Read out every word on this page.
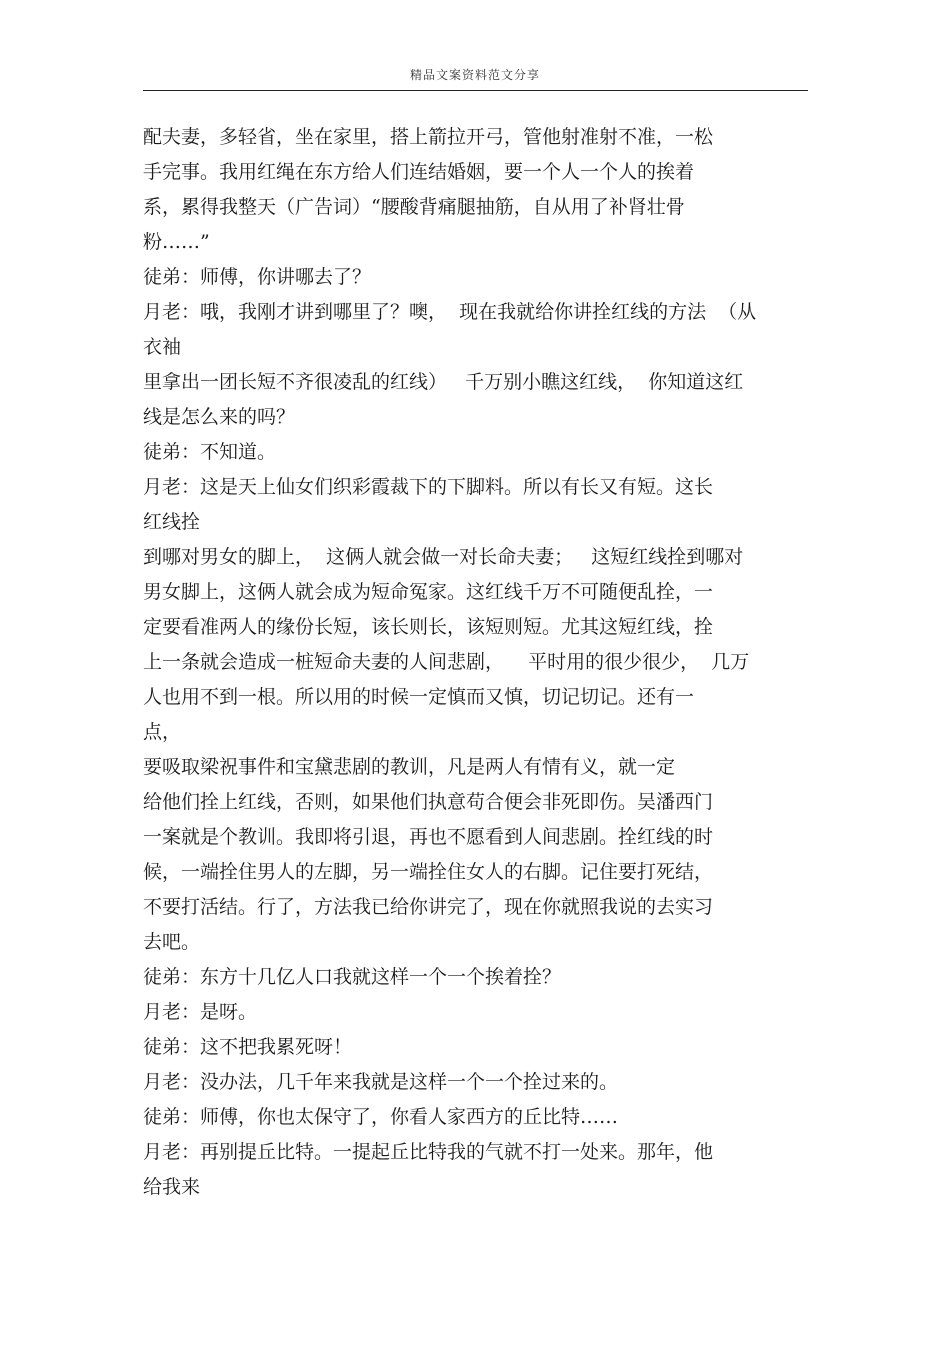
精品文案资料范文分享
配夫妻，多轻省，坐在家里，搭上箭拉开弓，管他射准射不准，一松
手完事。我用红绳在东方给人们连结婚姻，要一个人一个人的挨着
系，累得我整天（广告词）“腰酸背痛腿抽筋，自从用了补肾壮骨
粉……”
徒弟：师傅，你讲哪去了？
月老：哦，我刚才讲到哪里了？噢，  现在我就给你讲拴红线的方法  （从
衣袖
里拿出一团长短不齐很凌乱的红线）   千万别小瞧这红线，  你知道这红
线是怎么来的吗？
徒弟：不知道。
月老：这是天上仙女们织彩霞裁下的下脚料。所以有长又有短。这长
红线拴
到哪对男女的脚上，  这俩人就会做一对长命夫妻；   这短红线拴到哪对
男女脚上，这俩人就会成为短命冤家。这红线千万不可随便乱拴，一
定要看准两人的缘份长短，该长则长，该短则短。尤其这短红线，拴
上一条就会造成一桩短命夫妻的人间悲剧，    平时用的很少很少，  几万
人也用不到一根。所以用的时候一定慎而又慎，切记切记。还有一
点，
要吸取梁祝事件和宝黛悲剧的教训，凡是两人有情有义，就一定
给他们拴上红线，否则，如果他们执意苟合便会非死即伤。吴潘西门
一案就是个教训。我即将引退，再也不愿看到人间悲剧。拴红线的时
候，一端拴住男人的左脚，另一端拴住女人的右脚。记住要打死结，
不要打活结。行了，方法我已给你讲完了，现在你就照我说的去实习
去吧。
徒弟：东方十几亿人口我就这样一个一个挨着拴？
月老：是呀。
徒弟：这不把我累死呀！
月老：没办法，几千年来我就是这样一个一个拴过来的。
徒弟：师傅，你也太保守了，你看人家西方的丘比特……
月老：再别提丘比特。一提起丘比特我的气就不打一处来。那年，他
给我来
